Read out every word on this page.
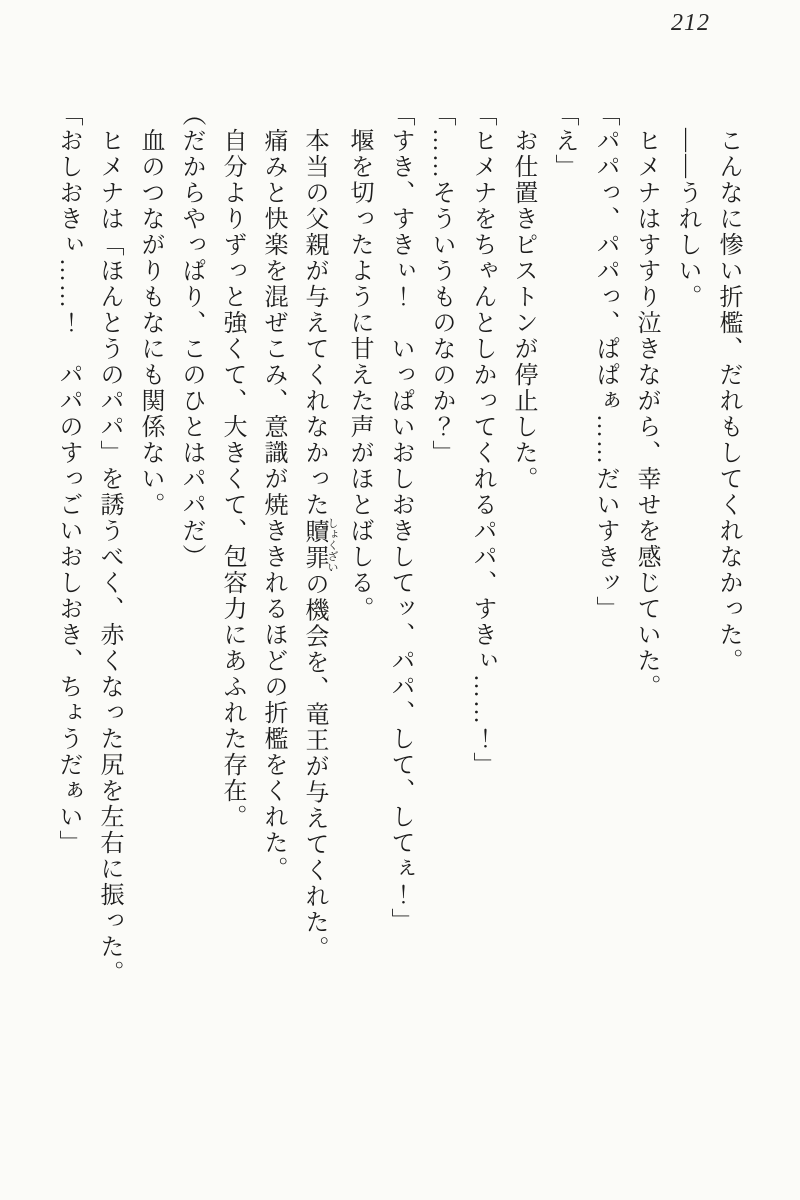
212

こんなに惨い折檻、だれもしてくれなかった。

――うれしい。

ヒメナはすすり泣きながら、幸せを感じていた。

「パパっ、パパっ、ぱぱぁ……だいすきッ」

「え」

お仕置きピストンが停止した。

「ヒメナをちゃんとしかってくれるパパ、すきぃ……！」

「……そういうものなのか？」

「すき、すきぃ！　いっぱいおしおきしてッ、パパ、して、してぇ！」

堰を切ったように甘えた声がほとばしる。

本当の父親が与えてくれなかった贖罪 しょくざいの機会を、竜王が与えてくれた。

痛みと快楽を混ぜこみ、意識が焼ききれるほどの折檻をくれた。

自分よりずっと強くて、大きくて、包容力にあふれた存在。

（だからやっぱり、このひとはパパだ）

血のつながりもなにも関係ない。

ヒメナは「ほんとうのパパ」を誘うべく、赤くなった尻を左右に振った。

「おしおきぃ……！　パパのすっごいおしおき、ちょうだぁい」
